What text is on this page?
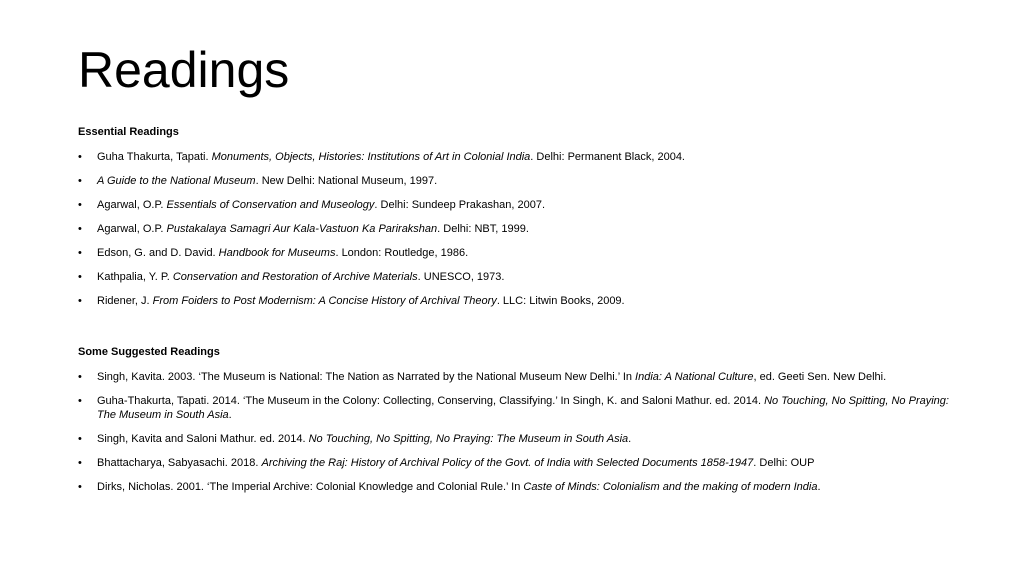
Readings

Essential Readings

• Guha Thakurta, Tapati. Monuments, Objects, Histories: Institutions of Art in Colonial India. Delhi: Permanent Black, 2004.
• A Guide to the National Museum. New Delhi: National Museum, 1997.
• Agarwal, O.P. Essentials of Conservation and Museology. Delhi: Sundeep Prakashan, 2007.
• Agarwal, O.P. Pustakalaya Samagri Aur Kala-Vastuon Ka Parirakshan. Delhi: NBT, 1999.
• Edson, G. and D. David. Handbook for Museums. London: Routledge, 1986.
• Kathpalia, Y. P. Conservation and Restoration of Archive Materials. UNESCO, 1973.
• Ridener, J. From Foiders to Post Modernism: A Concise History of Archival Theory. LLC: Litwin Books, 2009.

Some Suggested Readings

• Singh, Kavita. 2003. ‘The Museum is National: The Nation as Narrated by the National Museum New Delhi.’ In India: A National Culture, ed. Geeti Sen. New Delhi.
• Guha-Thakurta, Tapati. 2014. ‘The Museum in the Colony: Collecting, Conserving, Classifying.’ In Singh, K. and Saloni Mathur. ed. 2014. No Touching, No Spitting, No Praying: The Museum in South Asia.
• Singh, Kavita and Saloni Mathur. ed. 2014. No Touching, No Spitting, No Praying: The Museum in South Asia.
• Bhattacharya, Sabyasachi. 2018. Archiving the Raj: History of Archival Policy of the Govt. of India with Selected Documents 1858-1947. Delhi: OUP
• Dirks, Nicholas. 2001. ‘The Imperial Archive: Colonial Knowledge and Colonial Rule.’ In Caste of Minds: Colonialism and the making of modern India.
